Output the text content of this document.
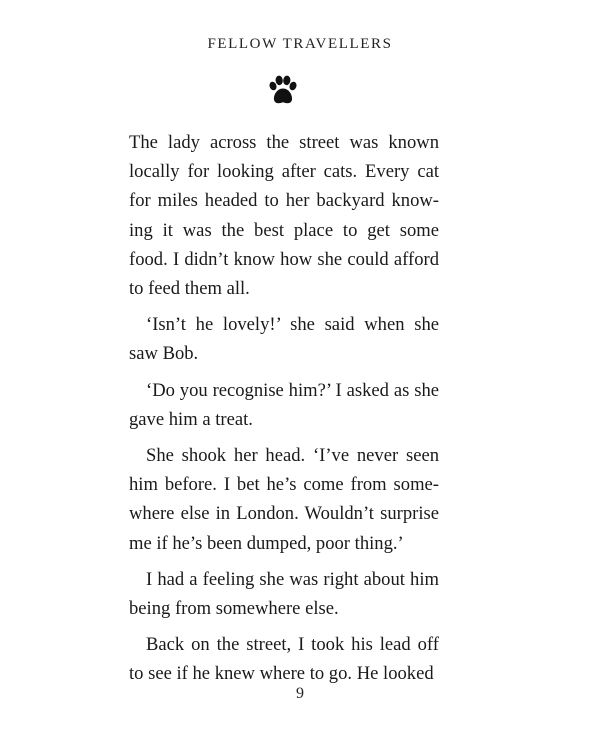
FELLOW TRAVELLERS

The lady across the street was known locally for looking after cats. Every cat for miles headed to her backyard knowing it was the best place to get some food. I didn’t know how she could afford to feed them all.

‘Isn’t he lovely!’ she said when she saw Bob.

‘Do you recognise him?’ I asked as she gave him a treat.

She shook her head. ‘I’ve never seen him before. I bet he’s come from somewhere else in London. Wouldn’t surprise me if he’s been dumped, poor thing.’

I had a feeling she was right about him being from somewhere else.

Back on the street, I took his lead off to see if he knew where to go. He looked

9
